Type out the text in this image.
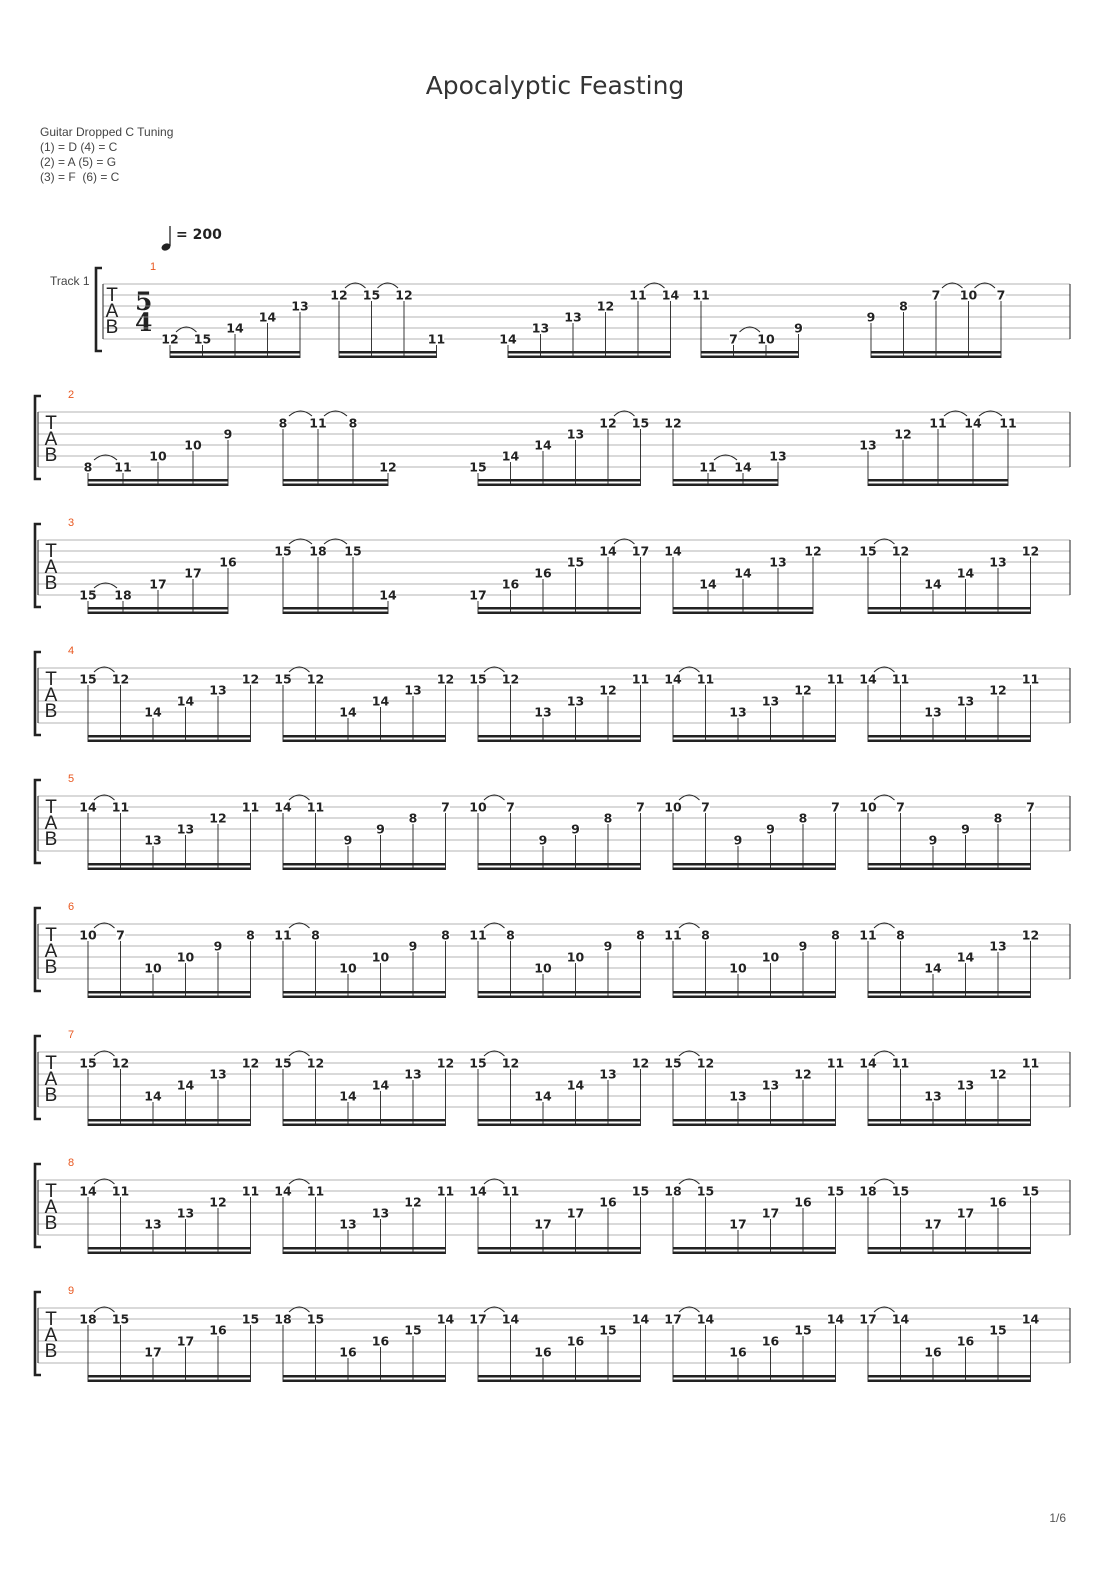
Apocalyptic Feasting
Guitar Dropped C Tuning
(1) = D (4) = C
(2) = A (5) = G
(3) = F  (6) = C
= 200
Track 1
5
4
T
A
B
1
12 15
14
14
13
12 15 12
11	14
13
13
12
11 14 11
7 10
9
9
8
7 10 7
T
A
B
2
8 11
10
10
9
8 11 8
12	15
14
14
13
12 15 12
11 14
13
13
12
11 14 11
T
A
B
3
15 18
17
17
16
15 18 15
14	17
16
16
15
14 17 14
14
14
13
12	15 12
14
14
13
12
T
A
B
4
15 12
14
14
13
12 15 12
14
14
13
12 15 12
13
13
12
11 14 11
13
13
12
11 14 11
13
13
12
11
T
A
B
5
14 11
13
13
12
11 14 11
9
9
8
7 10 7
9
9
8
7 10 7
9
9
8
7 10 7
9
9
8
7
T
A
B
6
10 7
10
10
9
8 11 8
10
10
9
8 11 8
10
10
9
8 11 8
10
10
9
8 11 8
14
14
13
12
T
A
B
7
15 12
14
14
13
12 15 12
14
14
13
12 15 12
14
14
13
12 15 12
13
13
12
11 14 11
13
13
12
11
T
A
B
8
14 11
13
13
12
11 14 11
13
13
12
11 14 11
17
17
16
15 18 15
17
17
16
15 18 15
17
17
16
15
T
A
B
9
18 15
17
17
16
15 18 15
16
16
15
14 17 14
16
16
15
14 17 14
16
16
15
14 17 14
16
16
15
14
1/6
